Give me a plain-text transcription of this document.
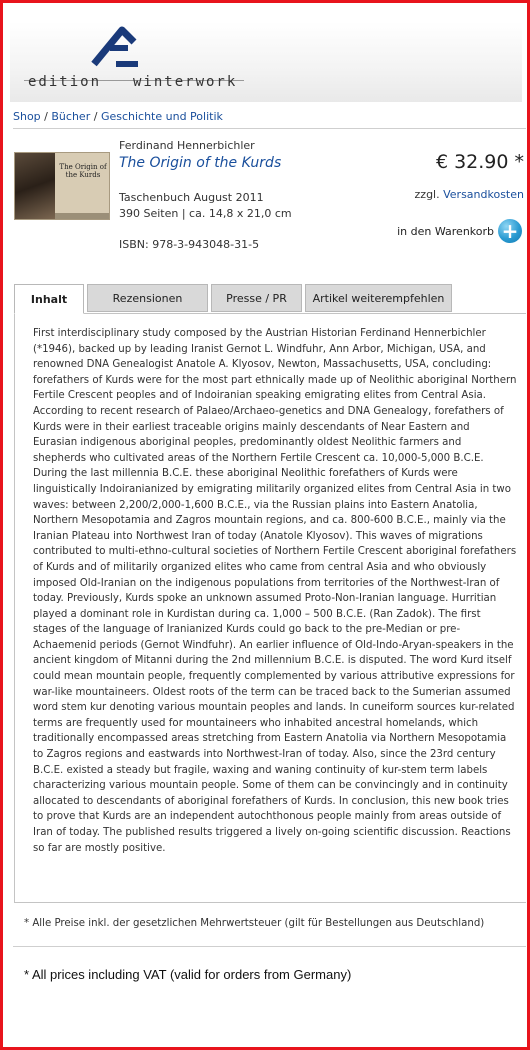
edition winterwork
Shop / Bücher / Geschichte und Politik
The Origin of the Kurds
Ferdinand Hennerbichler
The Origin of the Kurds
Taschenbuch August 2011
390 Seiten | ca. 14,8 x 21,0 cm
ISBN: 978-3-943048-31-5
€ 32.90 *
zzgl. Versandkosten
in den Warenkorb +
First interdisciplinary study composed by the Austrian Historian Ferdinand Hennerbichler (*1946), backed up by leading Iranist Gernot L. Windfuhr, Ann Arbor, Michigan, USA, and renowned DNA Genealogist Anatole A. Klyosov, Newton, Massachusetts, USA, concluding: forefathers of Kurds were for the most part ethnically made up of Neolithic aboriginal Northern Fertile Crescent peoples and of Indoiranian speaking emigrating elites from Central Asia. According to recent research of Palaeo/Archaeo-genetics and DNA Genealogy, forefathers of Kurds were in their earliest traceable origins mainly descendants of Near Eastern and Eurasian indigenous aboriginal peoples, predominantly oldest Neolithic farmers and shepherds who cultivated areas of the Northern Fertile Crescent ca. 10,000-5,000 B.C.E. During the last millennia B.C.E. these aboriginal Neolithic forefathers of Kurds were linguistically Indoiranianized by emigrating militarily organized elites from Central Asia in two waves: between 2,200/2,000-1,600 B.C.E., via the Russian plains into Eastern Anatolia, Northern Mesopotamia and Zagros mountain regions, and ca. 800-600 B.C.E., mainly via the Iranian Plateau into Northwest Iran of today (Anatole Klyosov). This waves of migrations contributed to multi-ethno-cultural societies of Northern Fertile Crescent aboriginal forefathers of Kurds and of militarily organized elites who came from central Asia and who obviously imposed Old-Iranian on the indigenous populations from territories of the Northwest-Iran of today. Previously, Kurds spoke an unknown assumed Proto-Non-Iranian language. Hurritian played a dominant role in Kurdistan during ca. 1,000 – 500 B.C.E. (Ran Zadok). The first stages of the language of Iranianized Kurds could go back to the pre-Median or pre-Achaemenid periods (Gernot Windfuhr). An earlier influence of Old-Indo-Aryan-speakers in the ancient kingdom of Mitanni during the 2nd millennium B.C.E. is disputed. The word Kurd itself could mean mountain people, frequently complemented by various attributive expressions for war-like mountaineers. Oldest roots of the term can be traced back to the Sumerian assumed word stem kur denoting various mountain peoples and lands. In cuneiform sources kur-related terms are frequently used for mountaineers who inhabited ancestral homelands, which traditionally encompassed areas stretching from Eastern Anatolia via Northern Mesopotamia to Zagros regions and eastwards into Northwest-Iran of today. Also, since the 23rd century B.C.E. existed a steady but fragile, waxing and waning continuity of kur-stem term labels characterizing various mountain people. Some of them can be convincingly and in continuity allocated to descendants of aboriginal forefathers of Kurds. In conclusion, this new book tries to prove that Kurds are an independent autochthonous people mainly from areas outside of Iran of today. The published results triggered a lively on-going scientific discussion. Reactions so far are mostly positive.
Inhalt	Rezensionen	Presse / PR	Artikel weiterempfehlen
* Alle Preise inkl. der gesetzlichen Mehrwertsteuer (gilt für Bestellungen aus Deutschland)
* All prices including VAT (valid for orders from Germany)
